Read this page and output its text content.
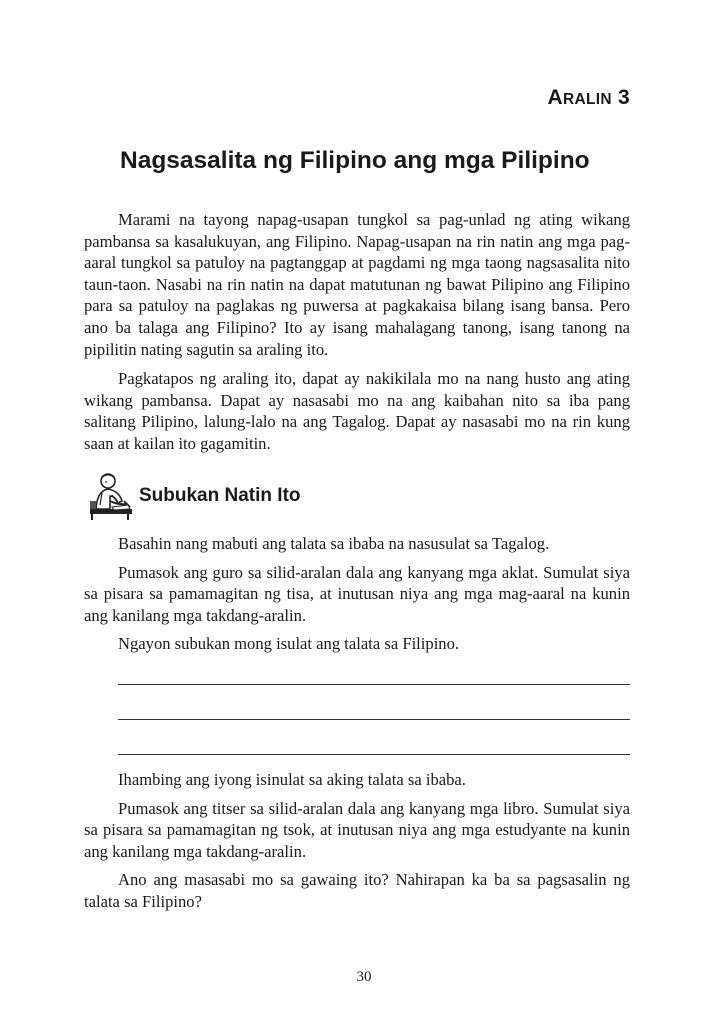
ARALIN 3
Nagsasalita ng Filipino ang mga Pilipino

Marami na tayong napag-usapan tungkol sa pag-unlad ng ating wikang pambansa sa kasalukuyan, ang Filipino. Napag-usapan na rin natin ang mga pag-aaral tungkol sa patuloy na pagtanggap at pagdami ng mga taong nagsasalita nito taun-taon. Nasabi na rin natin na dapat matutunan ng bawat Pilipino ang Filipino para sa patuloy na paglakas ng puwersa at pagkakaisa bilang isang bansa. Pero ano ba talaga ang Filipino? Ito ay isang mahalagang tanong, isang tanong na pipilitin nating sagutin sa araling ito.

Pagkatapos ng araling ito, dapat ay nakikilala mo na nang husto ang ating wikang pambansa. Dapat ay nasasabi mo na ang kaibahan nito sa iba pang salitang Pilipino, lalung-lalo na ang Tagalog. Dapat ay nasasabi mo na rin kung saan at kailan ito gagamitin.

Subukan Natin Ito

Basahin nang mabuti ang talata sa ibaba na nasusulat sa Tagalog.

Pumasok ang guro sa silid-aralan dala ang kanyang mga aklat. Sumulat siya sa pisara sa pamamagitan ng tisa, at inutusan niya ang mga mag-aaral na kunin ang kanilang mga takdang-aralin.

Ngayon subukan mong isulat ang talata sa Filipino.

Ihambing ang iyong isinulat sa aking talata sa ibaba.

Pumasok ang titser sa silid-aralan dala ang kanyang mga libro. Sumulat siya sa pisara sa pamamagitan ng tsok, at inutusan niya ang mga estudyante na kunin ang kanilang mga takdang-aralin.

Ano ang masasabi mo sa gawaing ito? Nahirapan ka ba sa pagsasalin ng talata sa Filipino?

30
